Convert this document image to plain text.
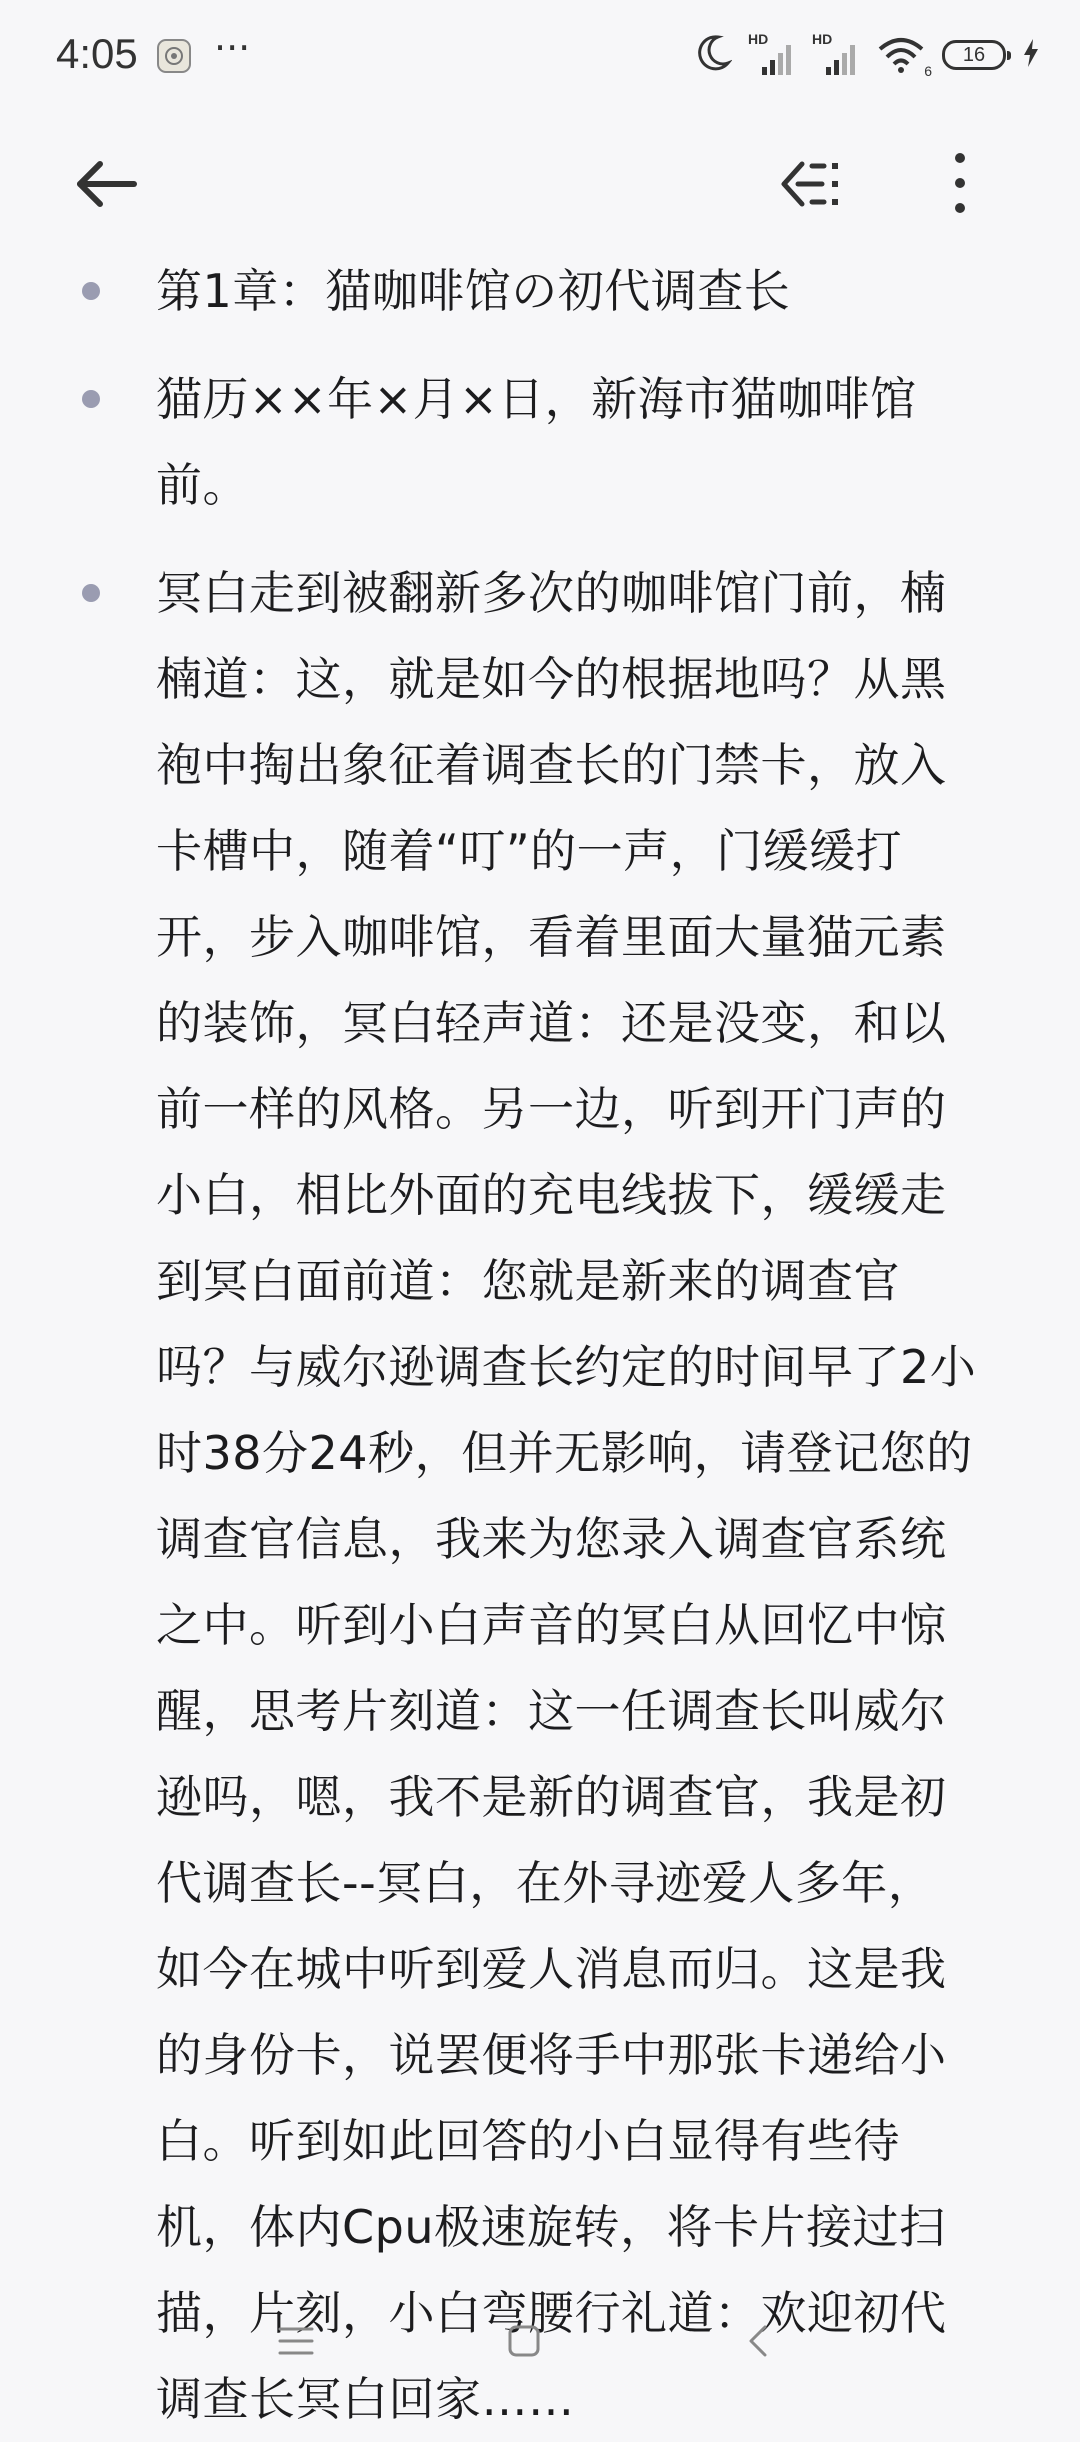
4:05 ···	HD	HD
6
16
第1章：猫咖啡馆の初代调查长
猫历××年×月×日，新海市猫咖啡馆前。
冥白走到被翻新多次的咖啡馆门前，楠楠道：这，就是如今的根据地吗？从黑袍中掏出象征着调查长的门禁卡，放入卡槽中，随着“叮”的一声，门缓缓打开，步入咖啡馆，看着里面大量猫元素的装饰，冥白轻声道：还是没变，和以前一样的风格。另一边，听到开门声的小白，相比外面的充电线拔下，缓缓走到冥白面前道：您就是新来的调查官吗？与威尔逊调查长约定的时间早了2小时38分24秒，但并无影响，请登记您的调查官信息，我来为您录入调查官系统之中。听到小白声音的冥白从回忆中惊醒，思考片刻道：这一任调查长叫威尔逊吗，嗯，我不是新的调查官，我是初代调查长--冥白，在外寻迹爱人多年，如今在城中听到爱人消息而归。这是我的身份卡，说罢便将手中那张卡递给小白。听到如此回答的小白显得有些待机，体内Cpu极速旋转，将卡片接过扫描，片刻，小白弯腰行礼道：欢迎初代调查长冥白回家……
